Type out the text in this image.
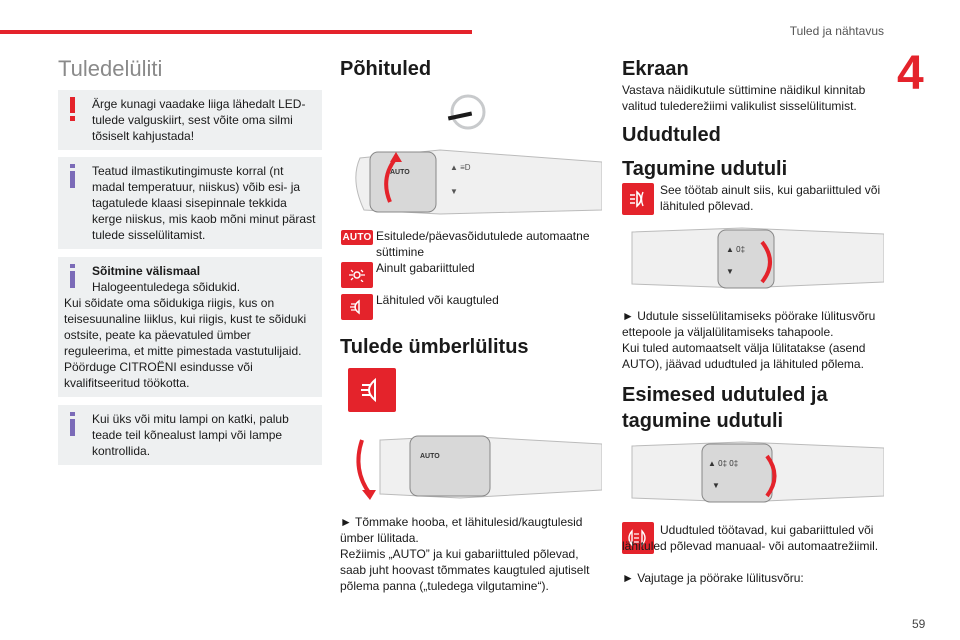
Tuled ja nähtavus
4
Tuledelüliti
Ärge kunagi vaadake liiga lähedalt LED-tulede valguskiirt, sest võite oma silmi tõsiselt kahjustada!
Teatud ilmastikutingimuste korral (nt madal temperatuur, niiskus) võib esi- ja tagatulede klaasi sisepinnale tekkida kerge niiskus, mis kaob mõni minut pärast tulede sisselülitamist.
Sõitmine välismaal
Halogeentuledega sõidukid.
Kui sõidate oma sõidukiga riigis, kus on teisesuunaline liiklus, kui riigis, kust te sõiduki ostsite, peate ka päevatuled ümber reguleerima, et mitte pimestada vastutulijaid. Pöörduge CITROËNI esindusse või kvalifitseeritud töökotta.
Kui üks või mitu lampi on katki, palub teade teil kõnealust lampi või lampe kontrollida.
Põhituled
AUTO
▲ ≡D
▼
AUTO Esitulede/päevasõidutulede automaatne süttimine
Ainult gabariittuled
Lähituled või kaugtuled
Tulede ümberlülitus
AUTO
► Tõmmake hooba, et lähitulesid/kaugtulesid ümber lülitada.
Režiimis „AUTO” ja kui gabariittuled põlevad, saab juht hoovast tõmmates kaugtuled ajutiselt põlema panna („tuledega vilgutamine“).
Ekraan
Vastava näidikutule süttimine näidikul kinnitab valitud tulederežiimi valikulist sisselülitumist.
Ududtuled
Tagumine udutuli
See töötab ainult siis, kui gabariittuled või lähituled põlevad.
▲ 0‡
▼
► Udutule sisselülitamiseks pöörake lülitusvõru ettepoole ja väljalülitamiseks tahapoole.
Kui tuled automaatselt välja lülitatakse (asend AUTO), jäävad ududtuled ja lähituled põlema.
Esimesed udutuled ja tagumine udutuli
▲ 0‡ 0‡
▼
Ududtuled töötavad, kui gabariittuled või lähituled põlevad manuaal- või automaatrežiimil.
► Vajutage ja pöörake lülitusvõru:
59
